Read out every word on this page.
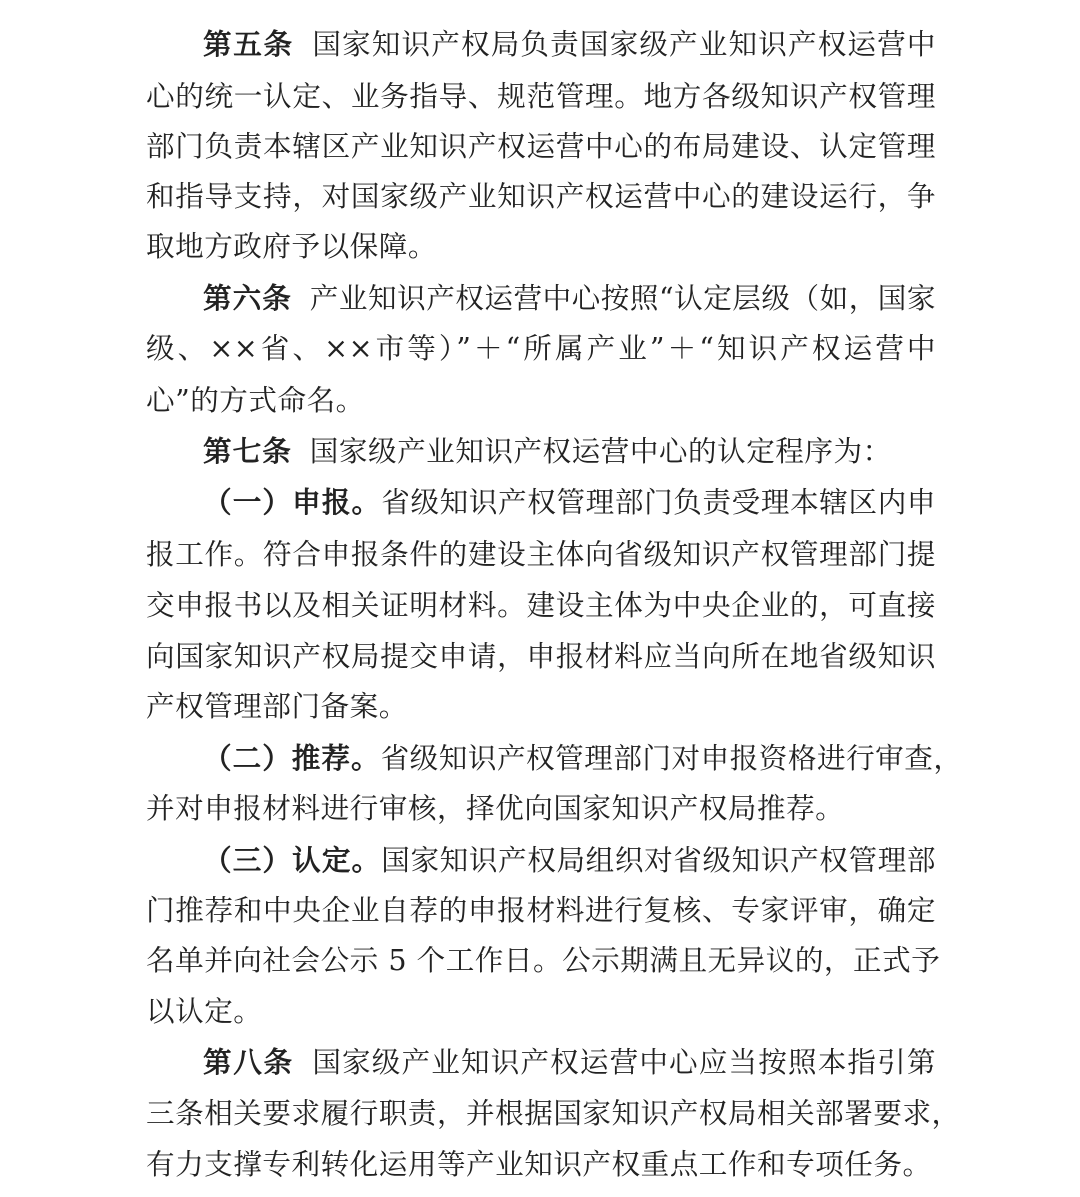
第五条 国家知识产权局负责国家级产业知识产权运营中
心的统一认定、业务指导、规范管理。地方各级知识产权管理
部门负责本辖区产业知识产权运营中心的布局建设、认定管理
和指导支持，对国家级产业知识产权运营中心的建设运行，争
取地方政府予以保障。
第六条 产业知识产权运营中心按照“认定层级（如，国家
级、××省、××市等）”＋“所属产业”＋“知识产权运营中
心”的方式命名。
第七条 国家级产业知识产权运营中心的认定程序为：
（一）申报。省级知识产权管理部门负责受理本辖区内申
报工作。符合申报条件的建设主体向省级知识产权管理部门提
交申报书以及相关证明材料。建设主体为中央企业的，可直接
向国家知识产权局提交申请，申报材料应当向所在地省级知识
产权管理部门备案。
（二）推荐。省级知识产权管理部门对申报资格进行审查，
并对申报材料进行审核，择优向国家知识产权局推荐。
（三）认定。国家知识产权局组织对省级知识产权管理部
门推荐和中央企业自荐的申报材料进行复核、专家评审，确定
名单并向社会公示 5 个工作日。公示期满且无异议的，正式予
以认定。
第八条 国家级产业知识产权运营中心应当按照本指引第
三条相关要求履行职责，并根据国家知识产权局相关部署要求，
有力支撑专利转化运用等产业知识产权重点工作和专项任务。
